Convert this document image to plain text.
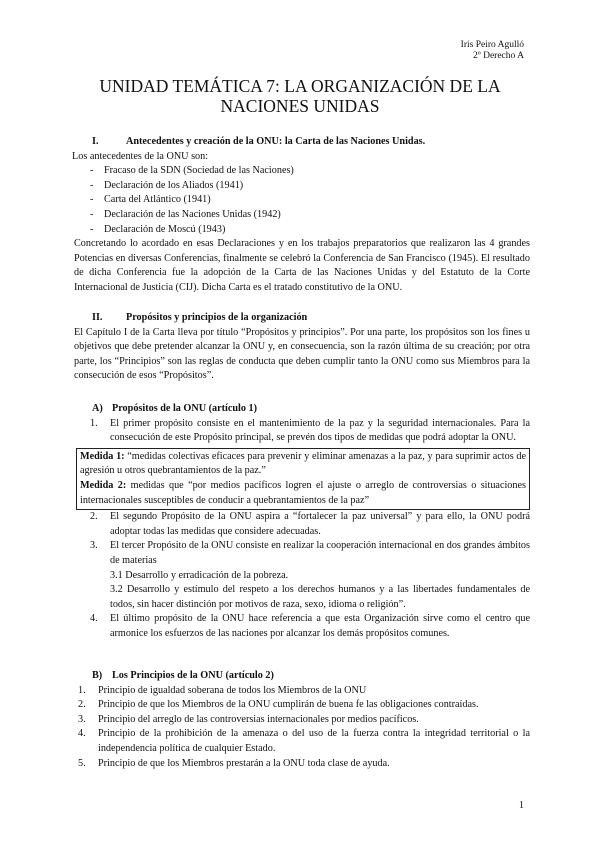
Iris Peiro Agulló
2º Derecho A
UNIDAD TEMÁTICA 7: LA ORGANIZACIÓN DE LA
NACIONES UNIDAS
I.	Antecedentes y creación de la ONU: la Carta de las Naciones Unidas.
Los antecedentes de la ONU son:
- Fracaso de la SDN (Sociedad de las Naciones)
- Declaración de los Aliados (1941)
- Carta del Atlántico (1941)
- Declaración de las Naciones Unidas (1942)
- Declaración de Moscú (1943)

Concretando lo acordado en esas Declaraciones y en los trabajos preparatorios que realizaron las 4 grandes Potencias en diversas Conferencias, finalmente se celebró la Conferencia de San Francisco (1945). El resultado de dicha Conferencia fue la adopción de la Carta de las Naciones Unidas y del Estatuto de la Corte Internacional de Justicia (CIJ). Dicha Carta es el tratado constitutivo de la ONU.

II. Propósitos y principios de la organización

El Capítulo I de la Carta lleva por título “Propósitos y principios”. Por una parte, los propósitos son los fines u objetivos que debe pretender alcanzar la ONU y, en consecuencia, son la razón última de su creación; por otra parte, los “Principios” son las reglas de conducta que deben cumplir tanto la ONU como sus Miembros para la consecución de esos “Propósitos”.

A) Propósitos de la ONU (artículo 1)
1. El primer propósito consiste en el mantenimiento de la paz y la seguridad internacionales. Para la consecución de este Propósito principal, se prevén dos tipos de medidas que podrá adoptar la ONU.
Medida 1: “medidas colectivas eficaces para prevenir y eliminar amenazas a la paz, y para suprimir actos de agresión u otros quebrantamientos de la paz.”
Medida 2: medidas que “por medios pacíficos logren el ajuste o arreglo de controversias o situaciones internacionales susceptibles de conducir a quebrantamientos de la paz”
2. El segundo Propósito de la ONU aspira a “fortalecer la paz universal” y para ello, la ONU podrá adoptar todas las medidas que considere adecuadas.
3. El tercer Propósito de la ONU consiste en realizar la cooperación internacional en dos grandes ámbitos de materias
3.1 Desarrollo y erradicación de la pobreza.
3.2 Desarrollo y estímulo del respeto a los derechos humanos y a las libertades fundamentales de todos, sin hacer distinción por motivos de raza, sexo, idioma o religión”.
4. El último propósito de la ONU hace referencia a que esta Organización sirve como el centro que armonice los esfuerzos de las naciones por alcanzar los demás propósitos comunes.
B) Los Principios de la ONU (artículo 2)
1. Principio de igualdad soberana de todos los Miembros de la ONU
2. Principio de que los Miembros de la ONU cumplirán de buena fe las obligaciones contraídas.
3. Principio del arreglo de las controversias internacionales por medios pacíficos.
4. Principio de la prohibición de la amenaza o del uso de la fuerza contra la integridad territorial o la independencia política de cualquier Estado.
5. Principio de que los Miembros prestarán a la ONU toda clase de ayuda.
1
